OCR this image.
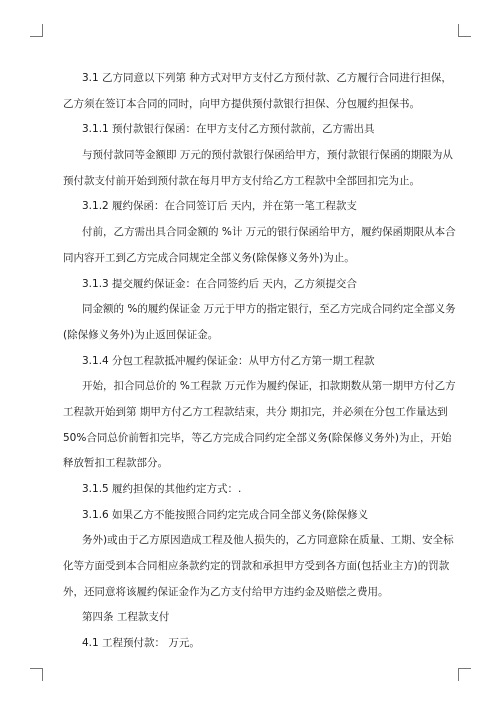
3.1 乙方同意以下列第 种方式对甲方支付乙方预付款、乙方履行合同进行担保，
乙方须在签订本合同的同时，向甲方提供预付款银行担保、分包履约担保书。
3.1.1 预付款银行保函：在甲方支付乙方预付款前，乙方需出具
与预付款同等金额即 万元的预付款银行保函给甲方，预付款银行保函的期限为从
预付款支付前开始到预付款在每月甲方支付给乙方工程款中全部回扣完为止。
3.1.2 履约保函：在合同签订后 天内，并在第一笔工程款支
付前，乙方需出具合同金额的 %计 万元的银行保函给甲方，履约保函期限从本合
同内容开工到乙方完成合同规定全部义务(除保修义务外)为止。
3.1.3 提交履约保证金：在合同签约后 天内，乙方须提交合
同金额的 %的履约保证金 万元于甲方的指定银行，至乙方完成合同约定全部义务
(除保修义务外)为止返回保证金。
3.1.4 分包工程款抵冲履约保证金：从甲方付乙方第一期工程款
开始，扣合同总价的 %工程款 万元作为履约保证，扣款期数从第一期甲方付乙方
工程款开始到第 期甲方付乙方工程款结束，共分 期扣完，并必须在分包工作量达到
50%合同总价前暂扣完毕，等乙方完成合同约定全部义务(除保修义务外)为止，开始
释放暂扣工程款部分。
3.1.5 履约担保的其他约定方式：.
3.1.6 如果乙方不能按照合同约定完成合同全部义务(除保修义
务外)或由于乙方原因造成工程及他人损失的，乙方同意除在质量、工期、安全标
化等方面受到本合同相应条款约定的罚款和承担甲方受到各方面(包括业主方)的罚款
外，还同意将该履约保证金作为乙方支付给甲方违约金及赔偿之费用。
第四条 工程款支付
4.1 工程预付款： 万元。
